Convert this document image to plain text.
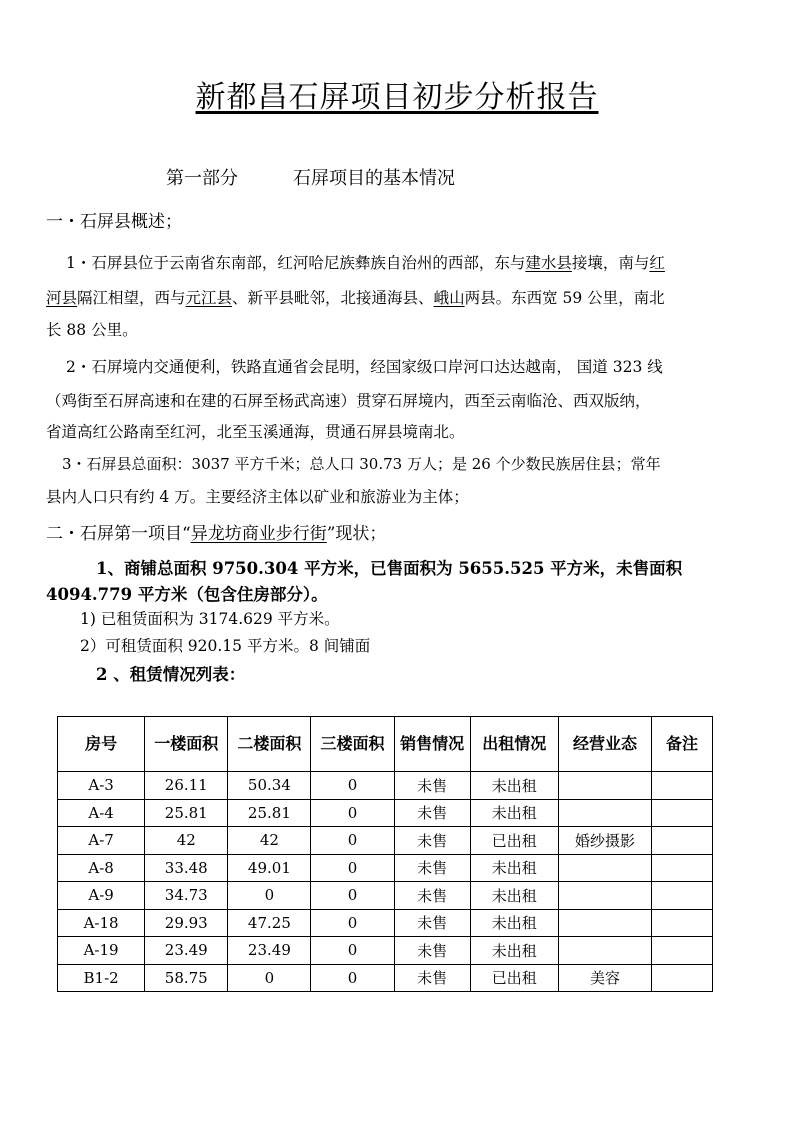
新都昌石屏项目初步分析报告
第一部分	石屏项目的基本情况
一・石屏县概述；
1・石屏县位于云南省东南部，红河哈尼族彝族自治州的西部，东与建水县接壤，南与红
河县隔江相望，西与元江县、新平县毗邻，北接通海县、峨山两县。东西宽 59 公里，南北
长 88 公里。
2・石屏境内交通便利，铁路直通省会昆明，经国家级口岸河口达达越南， 国道 323 线
（鸡街至石屏高速和在建的石屏至杨武高速）贯穿石屏境内，西至云南临沧、西双版纳，
省道高红公路南至红河，北至玉溪通海，贯通石屏县境南北。
3・石屏县总面积：3037 平方千米；总人口 30.73 万人；是 26 个少数民族居住县；常年
县内人口只有约 4 万。主要经济主体以矿业和旅游业为主体；
二・石屏第一项目“异龙坊商业步行街”现状；
1、商铺总面积 9750.304 平方米，已售面积为 5655.525 平方米，未售面积
4094.779 平方米（包含住房部分）。
1) 已租赁面积为 3174.629 平方米。
2）可租赁面积 920.15 平方米。8 间铺面
2 、租赁情况列表：
房号	一楼面积	二楼面积	三楼面积	销售情况	出租情况	经营业态	备注
A-3	26.11	50.34	0	未售	未出租		
A-4	25.81	25.81	0	未售	未出租		
A-7	42	42	0	未售	已出租	婚纱摄影	
A-8	33.48	49.01	0	未售	未出租		
A-9	34.73	0	0	未售	未出租		
A-18	29.93	47.25	0	未售	未出租		
A-19	23.49	23.49	0	未售	未出租		
B1-2	58.75	0	0	未售	已出租	美容	
